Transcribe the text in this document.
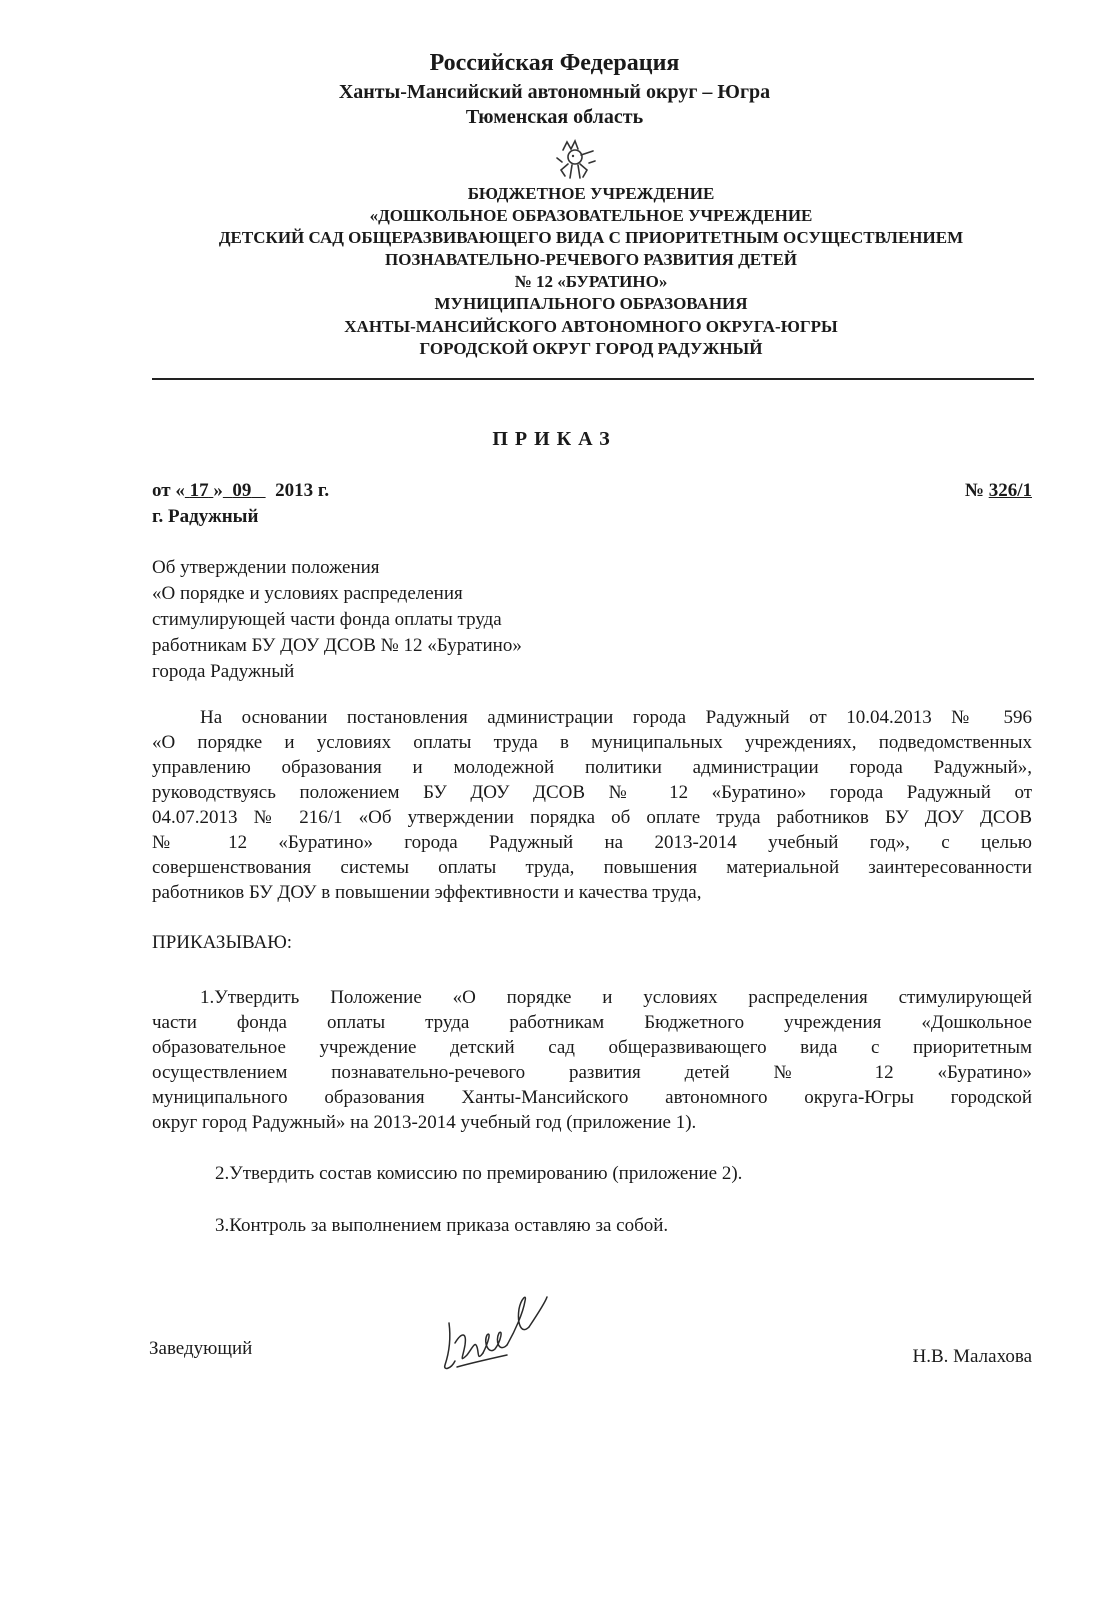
Российская Федерация
Ханты-Мансийский автономный округ – Югра
Тюменская область
БЮДЖЕТНОЕ УЧРЕЖДЕНИЕ
«ДОШКОЛЬНОЕ ОБРАЗОВАТЕЛЬНОЕ УЧРЕЖДЕНИЕ
ДЕТСКИЙ САД ОБЩЕРАЗВИВАЮЩЕГО ВИДА С ПРИОРИТЕТНЫМ ОСУЩЕСТВЛЕНИЕМ
ПОЗНАВАТЕЛЬНО-РЕЧЕВОГО РАЗВИТИЯ ДЕТЕЙ
№ 12 «БУРАТИНО»
МУНИЦИПАЛЬНОГО ОБРАЗОВАНИЯ
ХАНТЫ-МАНСИЙСКОГО АВТОНОМНОГО ОКРУГА-ЮГРЫ
ГОРОДСКОЙ ОКРУГ ГОРОД РАДУЖНЫЙ
ПРИКАЗ
от « 17 » 09 2013 г.	№ 326/1
г. Радужный
Об утверждении положения
«О порядке и условиях распределения
стимулирующей части фонда оплаты труда
работникам БУ ДОУ ДСОВ № 12 «Буратино»
города Радужный
На основании постановления администрации города Радужный от 10.04.2013 № 596
«О порядке и условиях оплаты труда в муниципальных учреждениях, подведомственных
управлению образования и молодежной политики администрации города Радужный»,
руководствуясь положением БУ ДОУ ДСОВ № 12 «Буратино» города Радужный от
04.07.2013 № 216/1 «Об утверждении порядка об оплате труда работников БУ ДОУ ДСОВ
№ 12 «Буратино» города Радужный на 2013-2014 учебный год», с целью
совершенствования системы оплаты труда, повышения материальной заинтересованности
работников БУ ДОУ в повышении эффективности и качества труда,
ПРИКАЗЫВАЮ:
1.Утвердить Положение «О порядке и условиях распределения стимулирующей
части фонда оплаты труда работникам Бюджетного учреждения «Дошкольное
образовательное учреждение детский сад общеразвивающего вида с приоритетным
осуществлением познавательно-речевого развития детей № 12 «Буратино»
муниципального образования Ханты-Мансийского автономного округа-Югры городской
округ город Радужный» на 2013-2014 учебный год (приложение 1).
2.Утвердить состав комиссию по премированию (приложение 2).
3.Контроль за выполнением приказа оставляю за собой.
Заведующий	Н.В. Малахова
